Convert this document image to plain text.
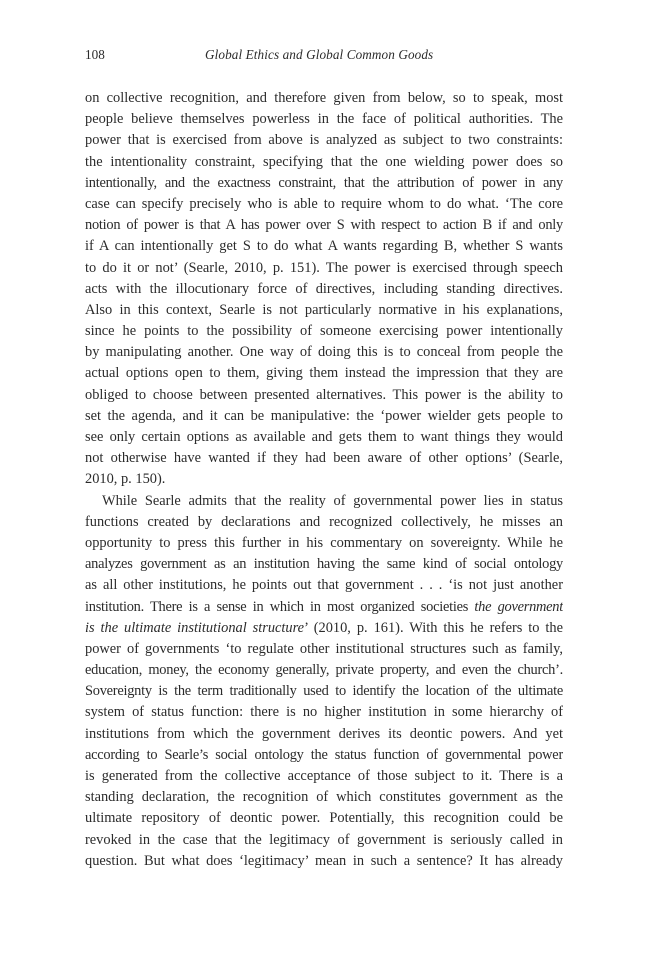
108	Global Ethics and Global Common Goods
on collective recognition, and therefore given from below, so to speak, most
people believe themselves powerless in the face of political authorities. The
power that is exercised from above is analyzed as subject to two constraints:
the intentionality constraint, specifying that the one wielding power does so
intentionally, and the exactness constraint, that the attribution of power in any
case can specify precisely who is able to require whom to do what. ‘The core
notion of power is that A has power over S with respect to action B if and only
if A can intentionally get S to do what A wants regarding B, whether S wants
to do it or not’ (Searle, 2010, p. 151). The power is exercised through speech
acts with the illocutionary force of directives, including standing directives.
Also in this context, Searle is not particularly normative in his explanations,
since he points to the possibility of someone exercising power intentionally
by manipulating another. One way of doing this is to conceal from people the
actual options open to them, giving them instead the impression that they are
obliged to choose between presented alternatives. This power is the ability to
set the agenda, and it can be manipulative: the ‘power wielder gets people to
see only certain options as available and gets them to want things they would
not otherwise have wanted if they had been aware of other options’ (Searle,
2010, p. 150).
While Searle admits that the reality of governmental power lies in status
functions created by declarations and recognized collectively, he misses an
opportunity to press this further in his commentary on sovereignty. While he
analyzes government as an institution having the same kind of social ontology
as all other institutions, he points out that government . . . ‘is not just another
institution. There is a sense in which in most organized societies the government
is the ultimate institutional structure’ (2010, p. 161). With this he refers to the
power of governments ‘to regulate other institutional structures such as family,
education, money, the economy generally, private property, and even the church’.
Sovereignty is the term traditionally used to identify the location of the ultimate
system of status function: there is no higher institution in some hierarchy of
institutions from which the government derives its deontic powers. And yet
according to Searle’s social ontology the status function of governmental power
is generated from the collective acceptance of those subject to it. There is a
standing declaration, the recognition of which constitutes government as the
ultimate repository of deontic power. Potentially, this recognition could be
revoked in the case that the legitimacy of government is seriously called in
question. But what does ‘legitimacy’ mean in such a sentence? It has already
